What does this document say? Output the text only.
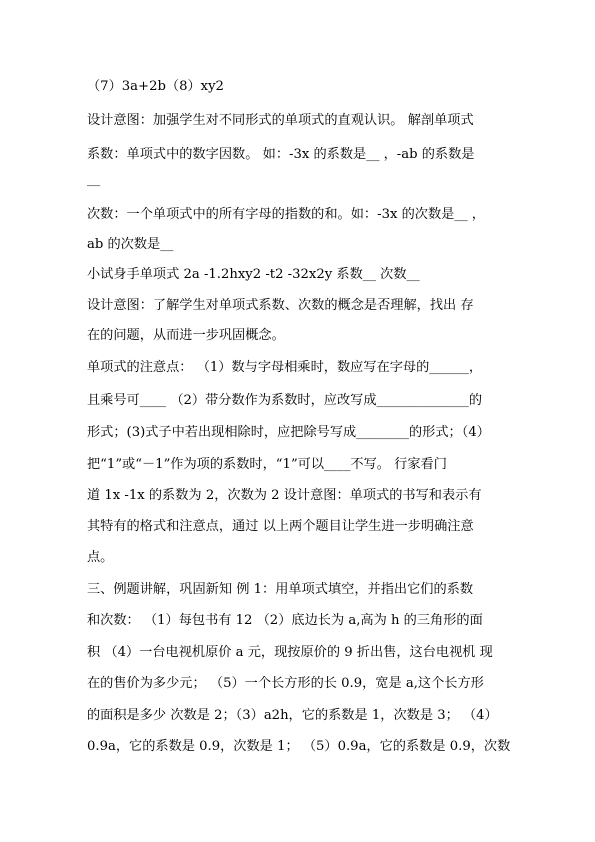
（7）3a+2b（8）xy2
设计意图：加强学生对不同形式的单项式的直观认识。 解剖单项式
系数：单项式中的数字因数。 如：-3x 的系数是__ ，-ab 的系数是
__
次数：一个单项式中的所有字母的指数的和。如：-3x 的次数是__ ，
ab 的次数是__
小试身手单项式 2a -1.2hxy2 -t2 -32x2y 系数__ 次数__
设计意图：了解学生对单项式系数、次数的概念是否理解，找出 存
在的问题，从而进一步巩固概念。
单项式的注意点： （1）数与字母相乘时，数应写在字母的______，
且乘号可____ （2）带分数作为系数时，应改写成______________的
形式；(3)式子中若出现相除时，应把除号写成________的形式；（4）
把“1”或“－1”作为项的系数时，“1”可以____不写。 行家看门
道 1x -1x 的系数为 2，次数为 2 设计意图：单项式的书写和表示有
其特有的格式和注意点，通过 以上两个题目让学生进一步明确注意
点。
三、例题讲解，巩固新知 例 1：用单项式填空，并指出它们的系数
和次数： （1）每包书有 12 （2）底边长为 a,高为 h 的三角形的面
积 （4）一台电视机原价 a 元，现按原价的 9 折出售，这台电视机 现
在的售价为多少元； （5）一个长方形的长 0.9，宽是 a,这个长方形
的面积是多少 次数是 2；（3）a2h，它的系数是 1，次数是 3； （4）
0.9a，它的系数是 0.9，次数是 1； （5）0.9a，它的系数是 0.9，次数
